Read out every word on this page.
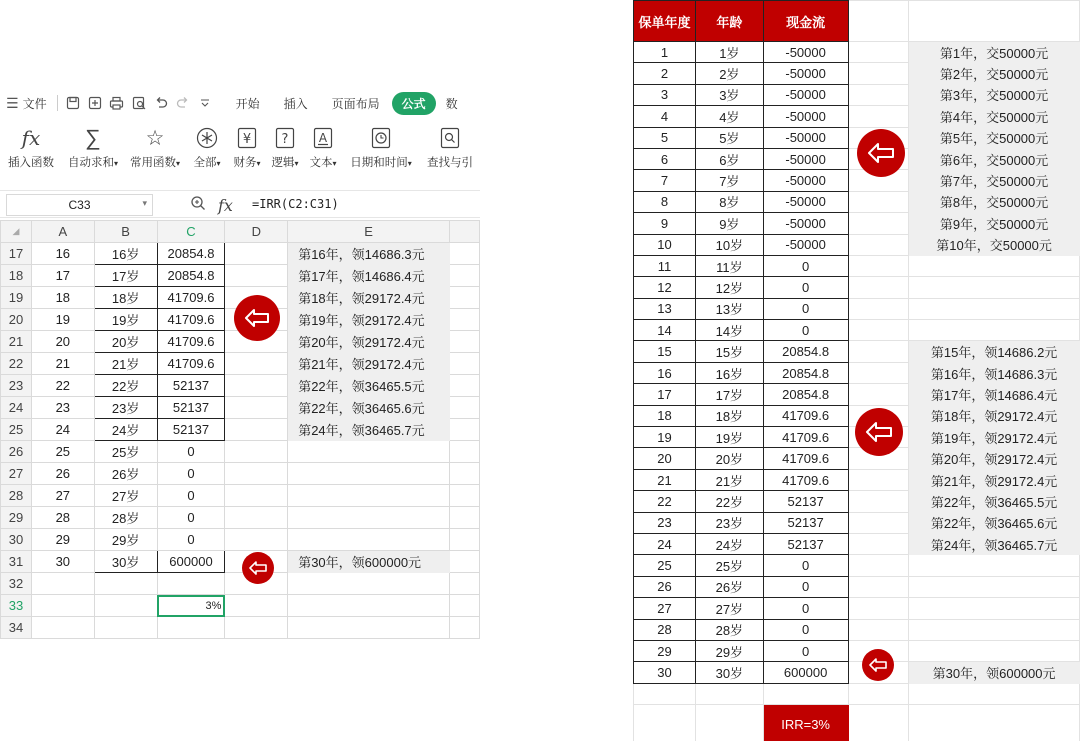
☰ 文件	开始	插入	页面布局	公式	数
fx
插入函数
∑
自动求和▾
☆
常用函数▾ 全部▾
¥
财务▾
?
逻辑▾
A
文本▾ 日期和时间▾ 查找与引
C33	▾	fx =IRR(C2:C31)
◢	A	B	C	D	E	
17	16	16岁	20854.8		第16年，领14686.3元	
18	17	17岁	20854.8		第17年，领14686.4元	
19	18	18岁	41709.6		第18年，领29172.4元	
20	19	19岁	41709.6		第19年，领29172.4元	
21	20	20岁	41709.6		第20年，领29172.4元	
22	21	21岁	41709.6		第21年，领29172.4元	
23	22	22岁	52137		第22年，领36465.5元	
24	23	23岁	52137		第22年，领36465.6元	
25	24	24岁	52137		第24年，领36465.7元	
26	25	25岁	0			
27	26	26岁	0			
28	27	27岁	0			
29	28	28岁	0			
30	29	29岁	0			
31	30	30岁	600000		第30年，领600000元	
32						
33			3%			
34						
保单年度	年龄	现金流		
1	1岁	-50000		第1年，交50000元
2	2岁	-50000		第2年，交50000元
3	3岁	-50000		第3年，交50000元
4	4岁	-50000		第4年，交50000元
5	5岁	-50000		第5年，交50000元
6	6岁	-50000		第6年，交50000元
7	7岁	-50000		第7年，交50000元
8	8岁	-50000		第8年，交50000元
9	9岁	-50000		第9年，交50000元
10	10岁	-50000		第10年，交50000元
11	11岁	0		
12	12岁	0		
13	13岁	0		
14	14岁	0		
15	15岁	20854.8		第15年，领14686.2元
16	16岁	20854.8		第16年，领14686.3元
17	17岁	20854.8		第17年，领14686.4元
18	18岁	41709.6		第18年，领29172.4元
19	19岁	41709.6		第19年，领29172.4元
20	20岁	41709.6		第20年，领29172.4元
21	21岁	41709.6		第21年，领29172.4元
22	22岁	52137		第22年，领36465.5元
23	23岁	52137		第22年，领36465.6元
24	24岁	52137		第24年，领36465.7元
25	25岁	0		
26	26岁	0		
27	27岁	0		
28	28岁	0		
29	29岁	0		
30	30岁	600000		第30年，领600000元

		IRR=3%		
